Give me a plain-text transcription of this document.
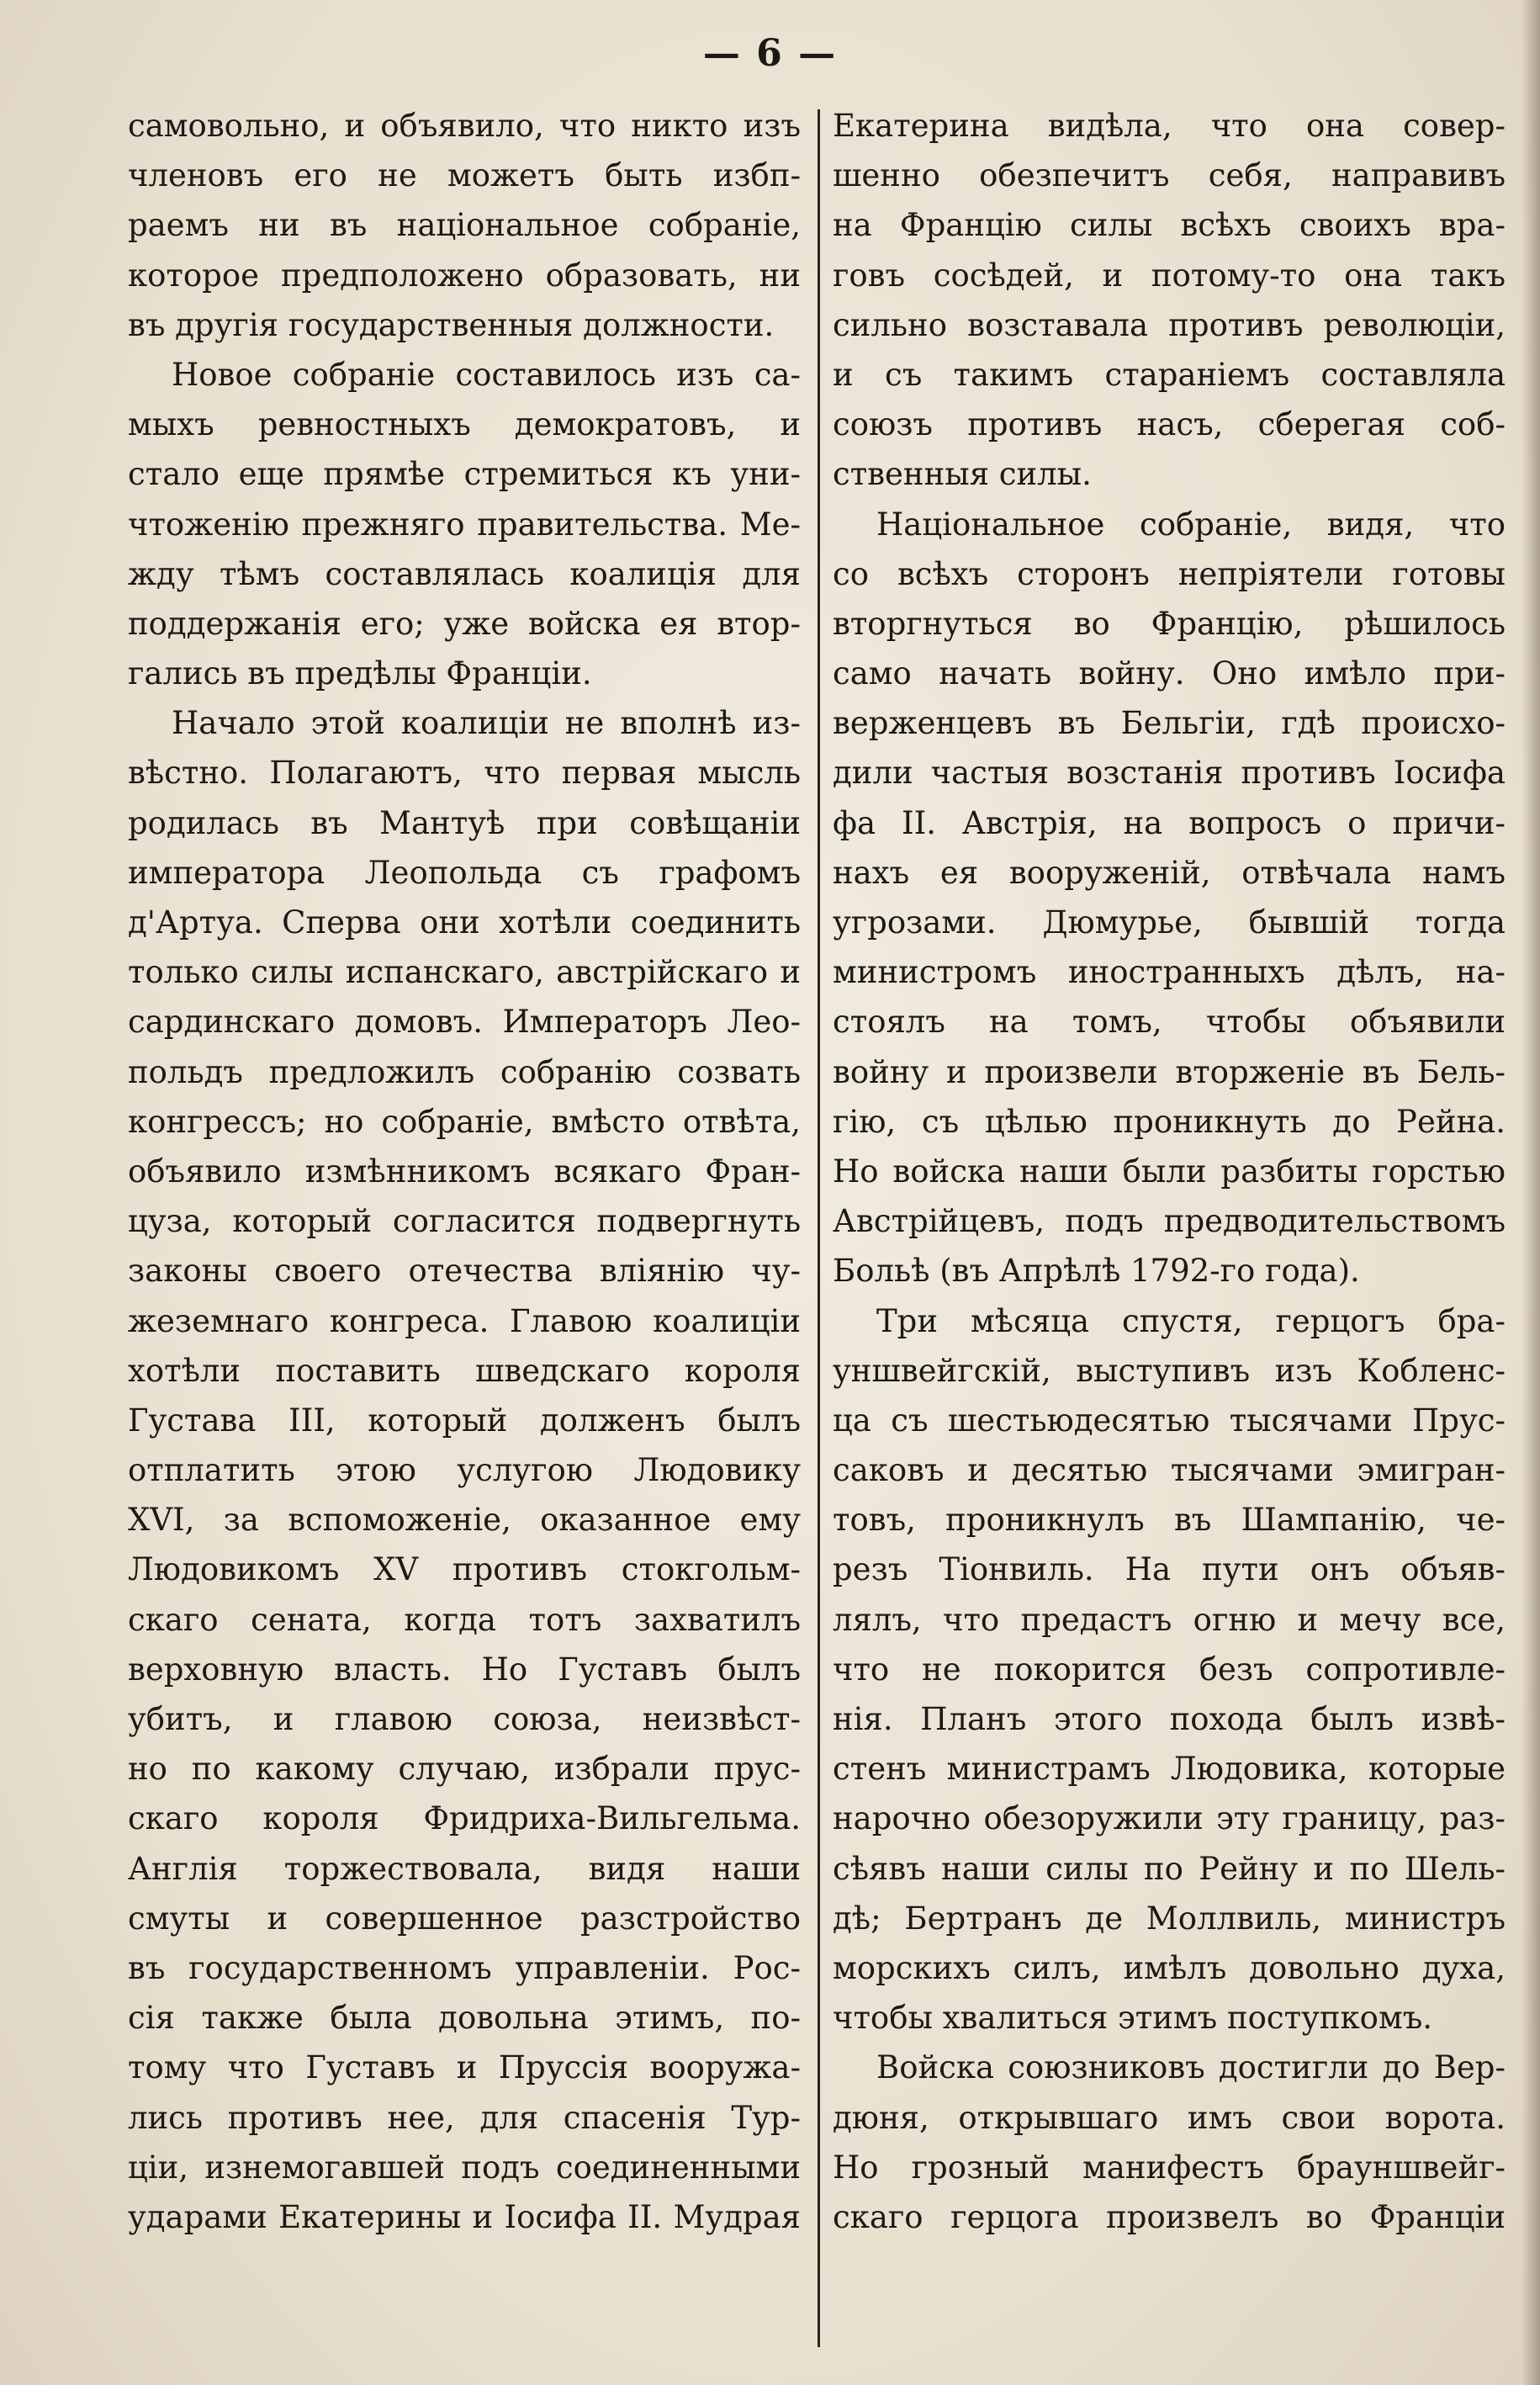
— 6 —
самовольно, и объявило, что никто изъ
членовъ его не можетъ быть избп-
раемъ ни въ національное собраніе,
которое предположено образовать, ни
въ другія государственныя должности.
Новое собраніе составилось изъ са-
мыхъ ревностныхъ демократовъ, и
стало еще прямѣе стремиться къ уни-
чтоженію прежняго правительства. Ме-
жду тѣмъ составлялась коалиція для
поддержанія его; уже войска ея втор-
гались въ предѣлы Франціи.
Начало этой коалиціи не вполнѣ из-
вѣстно. Полагаютъ, что первая мысль
родилась въ Мантуѣ при совѣщаніи
императора Леопольда съ графомъ
д'Артуа. Сперва они хотѣли соединить
только силы испанскаго, австрійскаго и
сардинскаго домовъ. Императоръ Лео-
польдъ предложилъ собранію созвать
конгрессъ; но собраніе, вмѣсто отвѣта,
объявило измѣнникомъ всякаго Фран-
цуза, который согласится подвергнуть
законы своего отечества вліянію чу-
жеземнаго конгреса. Главою коалиціи
хотѣли поставить шведскаго короля
Густава III, который долженъ былъ
отплатить этою услугою Людовику
XVI, за вспоможеніе, оказанное ему
Людовикомъ XV противъ стокгольм-
скаго сената, когда тотъ захватилъ
верховную власть. Но Густавъ былъ
убитъ, и главою союза, неизвѣст-
но по какому случаю, избрали прус-
скаго короля Фридриха-Вильгельма.
Англія торжествовала, видя наши
смуты и совершенное разстройство
въ государственномъ управленіи. Рос-
сія также была довольна этимъ, по-
тому что Густавъ и Пруссія вооружа-
лись противъ нее, для спасенія Тур-
ціи, изнемогавшей подъ соединенными
ударами Екатерины и Іосифа II. Мудрая
Екатерина видѣла, что она совер-
шенно обезпечитъ себя, направивъ
на Францію силы всѣхъ своихъ вра-
говъ сосѣдей, и потому-то она такъ
сильно возставала противъ революціи,
и съ такимъ стараніемъ составляла
союзъ противъ насъ, сберегая соб-
ственныя силы.
Національное собраніе, видя, что
со всѣхъ сторонъ непріятели готовы
вторгнуться во Францію, рѣшилось
само начать войну. Оно имѣло при-
верженцевъ въ Бельгіи, гдѣ происхо-
дили частыя возстанія противъ Іосифа
фа II. Австрія, на вопросъ о причи-
нахъ ея вооруженій, отвѣчала намъ
угрозами. Дюмурье, бывшій тогда
министромъ иностранныхъ дѣлъ, на-
стоялъ на томъ, чтобы объявили
войну и произвели вторженіе въ Бель-
гію, съ цѣлью проникнуть до Рейна.
Но войска наши были разбиты горстью
Австрійцевъ, подъ предводительствомъ
Больѣ (въ Апрѣлѣ 1792-го года).
Три мѣсяца спустя, герцогъ бра-
уншвейгскій, выступивъ изъ Кобленс-
ца съ шестьюдесятью тысячами Прус-
саковъ и десятью тысячами эмигран-
товъ, проникнулъ въ Шампанію, че-
резъ Тіонвиль. На пути онъ объяв-
лялъ, что предастъ огню и мечу все,
что не покорится безъ сопротивле-
нія. Планъ этого похода былъ извѣ-
стенъ министрамъ Людовика, которые
нарочно обезоружили эту границу, раз-
сѣявъ наши силы по Рейну и по Шель-
дѣ; Бертранъ де Моллвиль, министръ
морскихъ силъ, имѣлъ довольно духа,
чтобы хвалиться этимъ поступкомъ.
Войска союзниковъ достигли до Вер-
дюня, открывшаго имъ свои ворота.
Но грозный манифестъ брауншвейг-
скаго герцога произвелъ во Франціи
